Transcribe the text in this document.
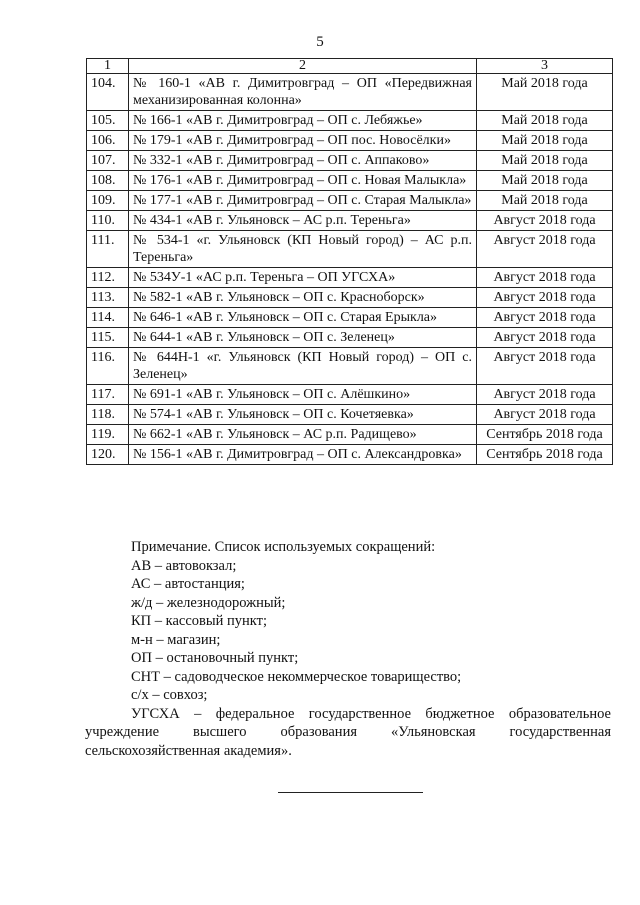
5
1	2	3
104.	№ 160-1 «АВ г. Димитровград – ОП «Передвижная механизированная колонна»	Май 2018 года
105.	№ 166-1 «АВ г. Димитровград – ОП с. Лебяжье»	Май 2018 года
106.	№ 179-1 «АВ г. Димитровград – ОП пос. Новосёлки»	Май 2018 года
107.	№ 332-1 «АВ г. Димитровград – ОП с. Аппаково»	Май 2018 года
108.	№ 176-1 «АВ г. Димитровград – ОП с. Новая Малыкла»	Май 2018 года
109.	№ 177-1 «АВ г. Димитровград – ОП с. Старая Малыкла»	Май 2018 года
110.	№ 434-1 «АВ г. Ульяновск – АС р.п. Тереньга»	Август 2018 года
111.	№ 534-1 «г. Ульяновск (КП Новый город) – АС р.п. Тереньга»	Август 2018 года
112.	№ 534У-1 «АС р.п. Тереньга – ОП УГСХА»	Август 2018 года
113.	№ 582-1 «АВ г. Ульяновск – ОП с. Красноборск»	Август 2018 года
114.	№ 646-1 «АВ г. Ульяновск – ОП с. Старая Ерыкла»	Август 2018 года
115.	№ 644-1 «АВ г. Ульяновск – ОП с. Зеленец»	Август 2018 года
116.	№ 644Н-1 «г. Ульяновск (КП Новый город) – ОП с. Зеленец»	Август 2018 года
117.	№ 691-1 «АВ г. Ульяновск – ОП с. Алёшкино»	Август 2018 года
118.	№ 574-1 «АВ г. Ульяновск – ОП с. Кочетяевка»	Август 2018 года
119.	№ 662-1 «АВ г. Ульяновск – АС р.п. Радищево»	Сентябрь 2018 года
120.	№ 156-1 «АВ г. Димитровград – ОП с. Александровка»	Сентябрь 2018 года
Примечание. Список используемых сокращений:
АВ – автовокзал;
АС – автостанция;
ж/д – железнодорожный;
КП – кассовый пункт;
м-н – магазин;
ОП – остановочный пункт;
СНТ – садоводческое некоммерческое товарищество;
с/х – совхоз;
УГСХА – федеральное государственное бюджетное образовательное
учреждение высшего образования «Ульяновская государственная
сельскохозяйственная академия».
